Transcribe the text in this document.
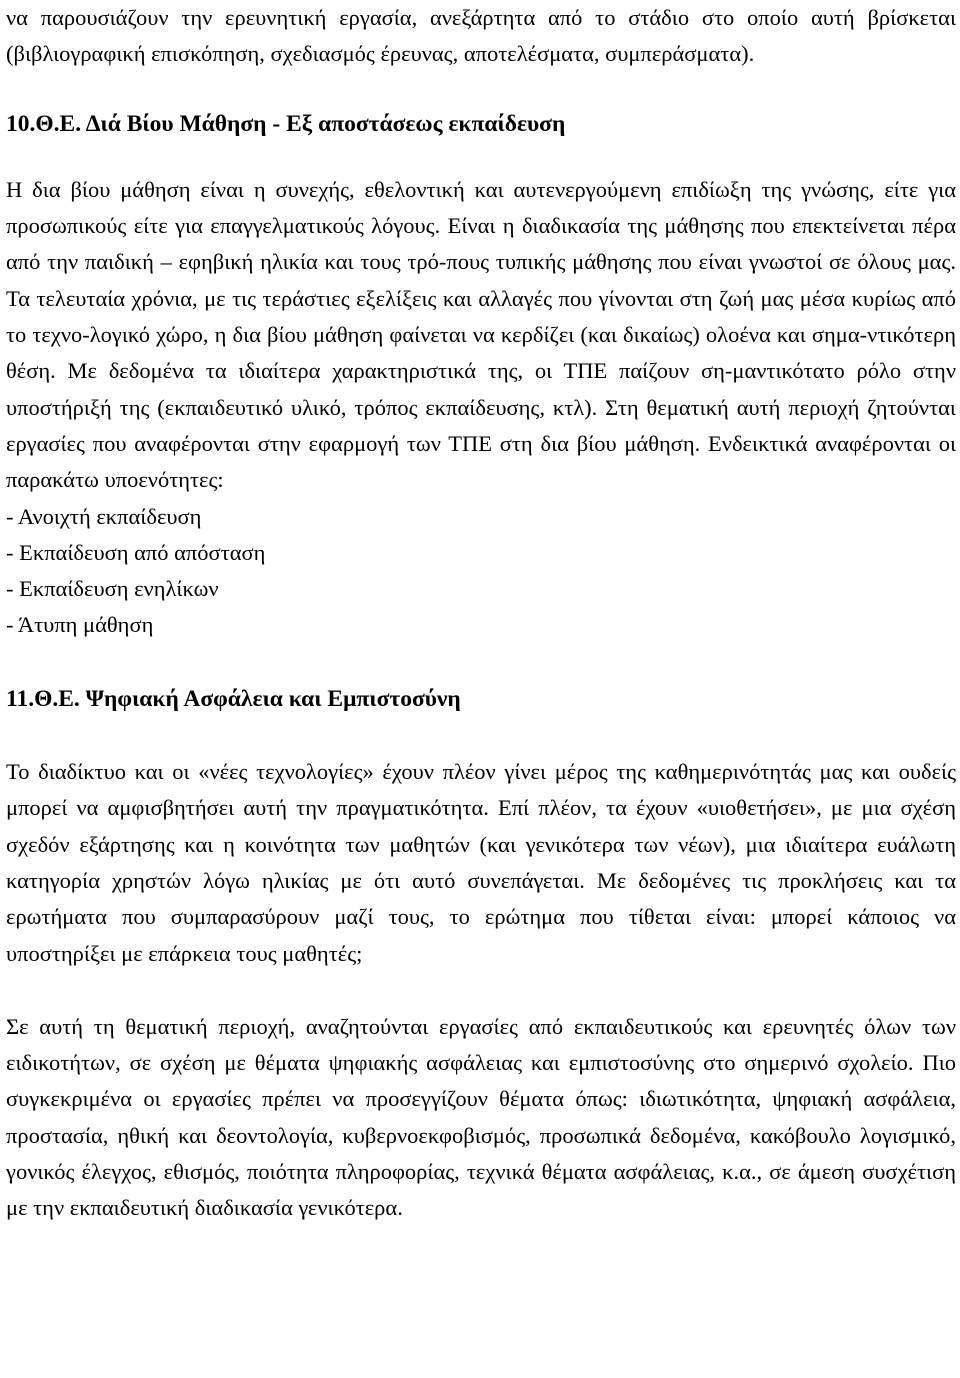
να παρουσιάζουν την ερευνητική εργασία, ανεξάρτητα από το στάδιο στο οποίο αυτή βρίσκεται (βιβλιογραφική επισκόπηση, σχεδιασμός έρευνας, αποτελέσματα, συμπεράσματα).

10.Θ.Ε. Διά Βίου Μάθηση - Εξ αποστάσεως εκπαίδευση

Η δια βίου μάθηση είναι η συνεχής, εθελοντική και αυτενεργούμενη επιδίωξη της γνώσης, είτε για προσωπικούς είτε για επαγγελματικούς λόγους. Είναι η διαδικασία της μάθησης που επεκτείνεται πέρα από την παιδική – εφηβική ηλικία και τους τρό-πους τυπικής μάθησης που είναι γνωστοί σε όλους μας. Τα τελευταία χρόνια, με τις τεράστιες εξελίξεις και αλλαγές που γίνονται στη ζωή μας μέσα κυρίως από το τεχνο-λογικό χώρο, η δια βίου μάθηση φαίνεται να κερδίζει (και δικαίως) ολοένα και σημα-ντικότερη θέση. Με δεδομένα τα ιδιαίτερα χαρακτηριστικά της, οι ΤΠΕ παίζουν ση-μαντικότατο ρόλο στην υποστήριξή της (εκπαιδευτικό υλικό, τρόπος εκπαίδευσης, κτλ). Στη θεματική αυτή περιοχή ζητούνται εργασίες που αναφέρονται στην εφαρμογή των ΤΠΕ στη δια βίου μάθηση. Ενδεικτικά αναφέρονται οι παρακάτω υποενότητες:

- Ανοιχτή εκπαίδευση
- Εκπαίδευση από απόσταση
- Εκπαίδευση ενηλίκων
- Άτυπη μάθηση
11.Θ.Ε. Ψηφιακή Ασφάλεια και Εμπιστοσύνη

Το διαδίκτυο και οι «νέες τεχνολογίες» έχουν πλέον γίνει μέρος της καθημερινότητάς μας και ουδείς μπορεί να αμφισβητήσει αυτή την πραγματικότητα. Επί πλέον, τα έχουν «υιοθετήσει», με μια σχέση σχεδόν εξάρτησης και η κοινότητα των μαθητών (και γενικότερα των νέων), μια ιδιαίτερα ευάλωτη κατηγορία χρηστών λόγω ηλικίας με ότι αυτό συνεπάγεται. Με δεδομένες τις προκλήσεις και τα ερωτήματα που συμπαρασύρουν μαζί τους, το ερώτημα που τίθεται είναι: μπορεί κάποιος να υποστηρίξει με επάρκεια τους μαθητές;

Σε αυτή τη θεματική περιοχή, αναζητούνται εργασίες από εκπαιδευτικούς και ερευνητές όλων των ειδικοτήτων, σε σχέση με θέματα ψηφιακής ασφάλειας και εμπιστοσύνης στο σημερινό σχολείο. Πιο συγκεκριμένα οι εργασίες πρέπει να προσεγγίζουν θέματα όπως: ιδιωτικότητα, ψηφιακή ασφάλεια, προστασία, ηθική και δεοντολογία, κυβερνοεκφοβισμός, προσωπικά δεδομένα, κακόβουλο λογισμικό, γονικός έλεγχος, εθισμός, ποιότητα πληροφορίας, τεχνικά θέματα ασφάλειας, κ.α., σε άμεση συσχέτιση με την εκπαιδευτική διαδικασία γενικότερα.
